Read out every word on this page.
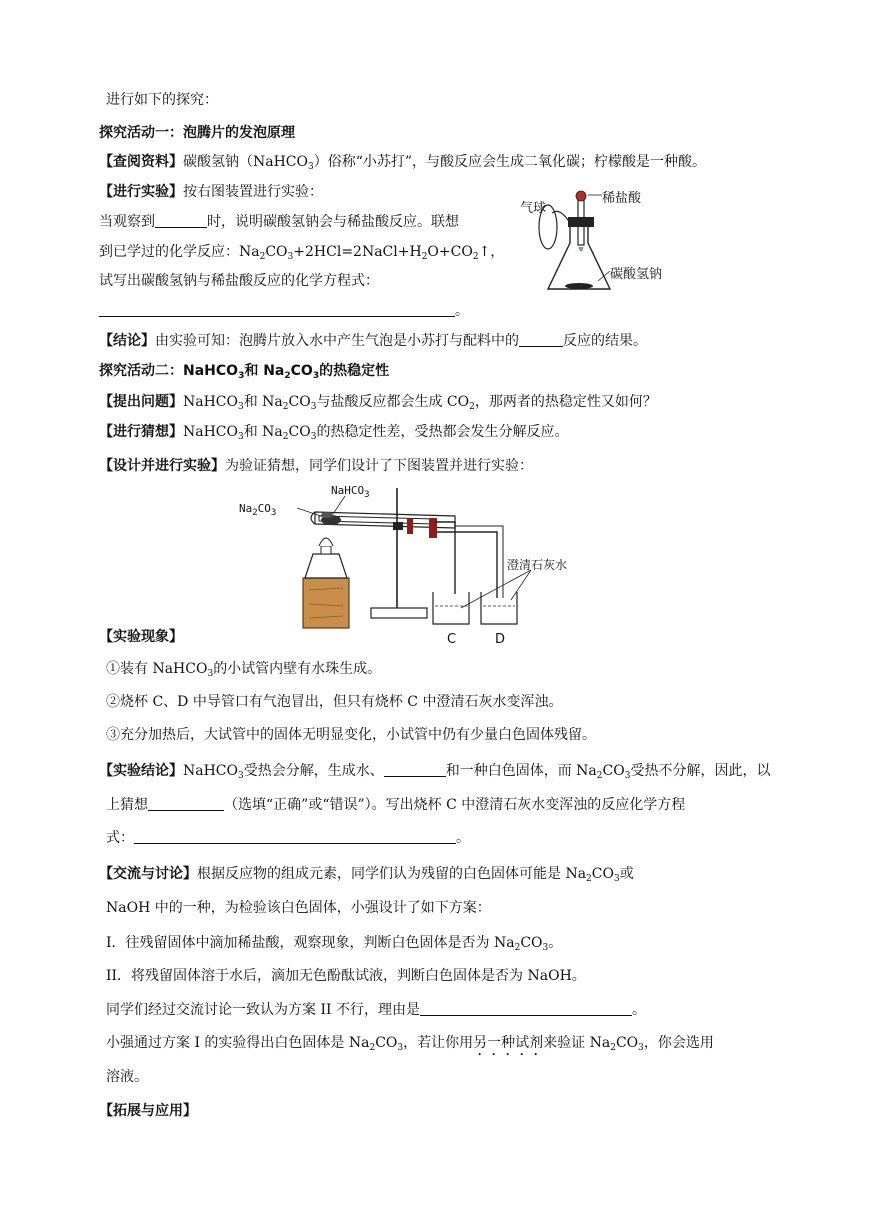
进行如下的探究：
探究活动一：泡腾片的发泡原理
【查阅资料】碳酸氢钠（NaHCO$_3$）俗称“小苏打”，与酸反应会生成二氧化碳；柠檬酸是一种酸。
【进行实验】按右图装置进行实验：
当观察到	时，说明碳酸氢钠会与稀盐酸反应。联想
到已学过的化学反应：$Na_2CO_3+2HCl=2NaCl+H_2O+CO_2↑$，
试写出碳酸氢钠与稀盐酸反应的化学方程式：
。
【结论】由实验可知：泡腾片放入水中产生气泡是小苏打与配料中的	反应的结果。
探究活动二：NaHCO$_3$和 $Na_2CO_3$的热稳定性
【提出问题】NaHCO$_3$和 $Na_2CO_3$与盐酸反应都会生成 $CO_2$，那两者的热稳定性又如何？
【进行猜想】NaHCO$_3$和 $Na_2CO_3$的热稳定性差，受热都会发生分解反应。
【设计并进行实验】为验证猜想，同学们设计了下图装置并进行实验：
【实验现象】
①装有 NaHCO$_3$的小试管内壁有水珠生成。
②烧杯 C、D 中导管口有气泡冒出，但只有烧杯 C 中澄清石灰水变浑浊。
③充分加热后，大试管中的固体无明显变化，小试管中仍有少量白色固体残留。
【实验结论】NaHCO$_3$受热会分解，生成水、	和一种白色固体，而 $Na_2CO_3$受热不分解，因此，以
上猜想	（选填“正确”或“错误”）。写出烧杯 C 中澄清石灰水变浑浊的反应化学方程
式：	。
【交流与讨论】根据反应物的组成元素，同学们认为残留的白色固体可能是 $Na_2CO_3$或
NaOH 中的一种，为检验该白色固体，小强设计了如下方案：
I．往残留固体中滴加稀盐酸，观察现象，判断白色固体是否为 $Na_2CO_3$。
II．将残留固体溶于水后，滴加无色酚酞试液，判断白色固体是否为 NaOH。
同学们经过交流讨论一致认为方案 II 不行，理由是	。
小强通过方案 I 的实验得出白色固体是 $Na_2CO_3$，若让你用另一种试剂来验证 $Na_2CO_3$，你会选用
溶液。
【拓展与应用】
气球
稀盐酸
碳酸氢钠
NaHCO$_3$
$Na_2CO_3$
澄清石灰水
C	D
